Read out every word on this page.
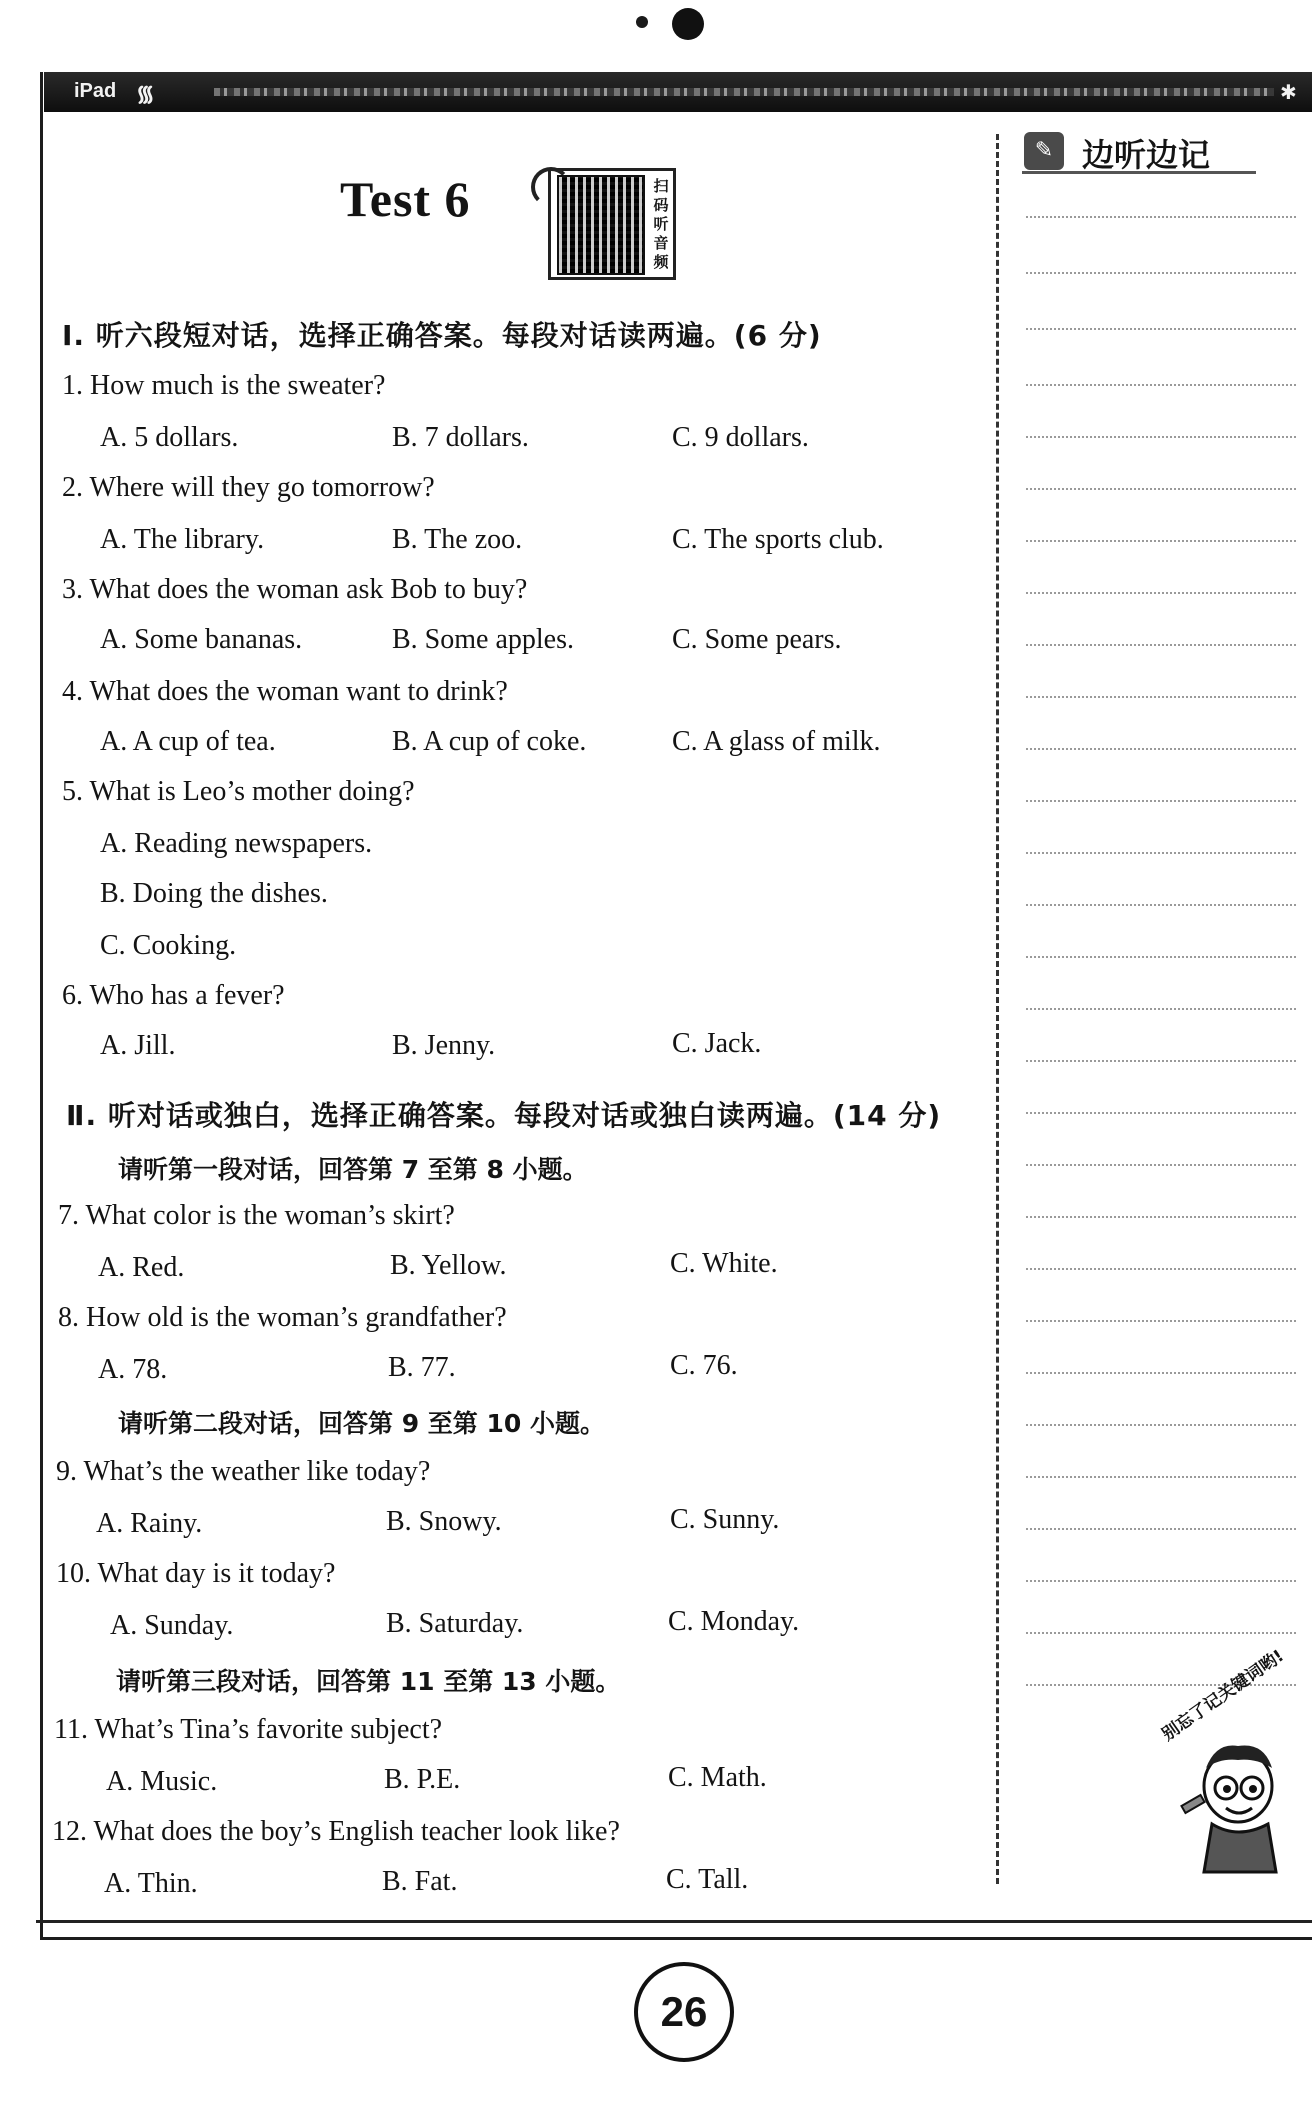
iPad ᯾	✱
Test 6	扫码听音频
Ⅰ. 听六段短对话，选择正确答案。每段对话读两遍。(6 分)
1. How much is the sweater?
A. 5 dollars.	B. 7 dollars.	C. 9 dollars.
2. Where will they go tomorrow?
A. The library.	B. The zoo.	C. The sports club.
3. What does the woman ask Bob to buy?
A. Some bananas.	B. Some apples.	C. Some pears.
4. What does the woman want to drink?
A. A cup of tea.	B. A cup of coke.	C. A glass of milk.
5. What is Leo’s mother doing?
A. Reading newspapers.
B. Doing the dishes.
C. Cooking.
6. Who has a fever?
A. Jill.	B. Jenny.	C. Jack.
Ⅱ. 听对话或独白，选择正确答案。每段对话或独白读两遍。(14 分)
请听第一段对话，回答第 7 至第 8 小题。
7. What color is the woman’s skirt?
A. Red.	B. Yellow.	C. White.
8. How old is the woman’s grandfather?
A. 78.	B. 77.	C. 76.
请听第二段对话，回答第 9 至第 10 小题。
9. What’s the weather like today?
A. Rainy.	B. Snowy.	C. Sunny.
10. What day is it today?
A. Sunday.	B. Saturday.	C. Monday.
请听第三段对话，回答第 11 至第 13 小题。
11. What’s Tina’s favorite subject?
A. Music.	B. P.E.	C. Math.
12. What does the boy’s English teacher look like?
A. Thin.	B. Fat.	C. Tall.
✎ 边听边记
别忘了记关键词哟!
26
